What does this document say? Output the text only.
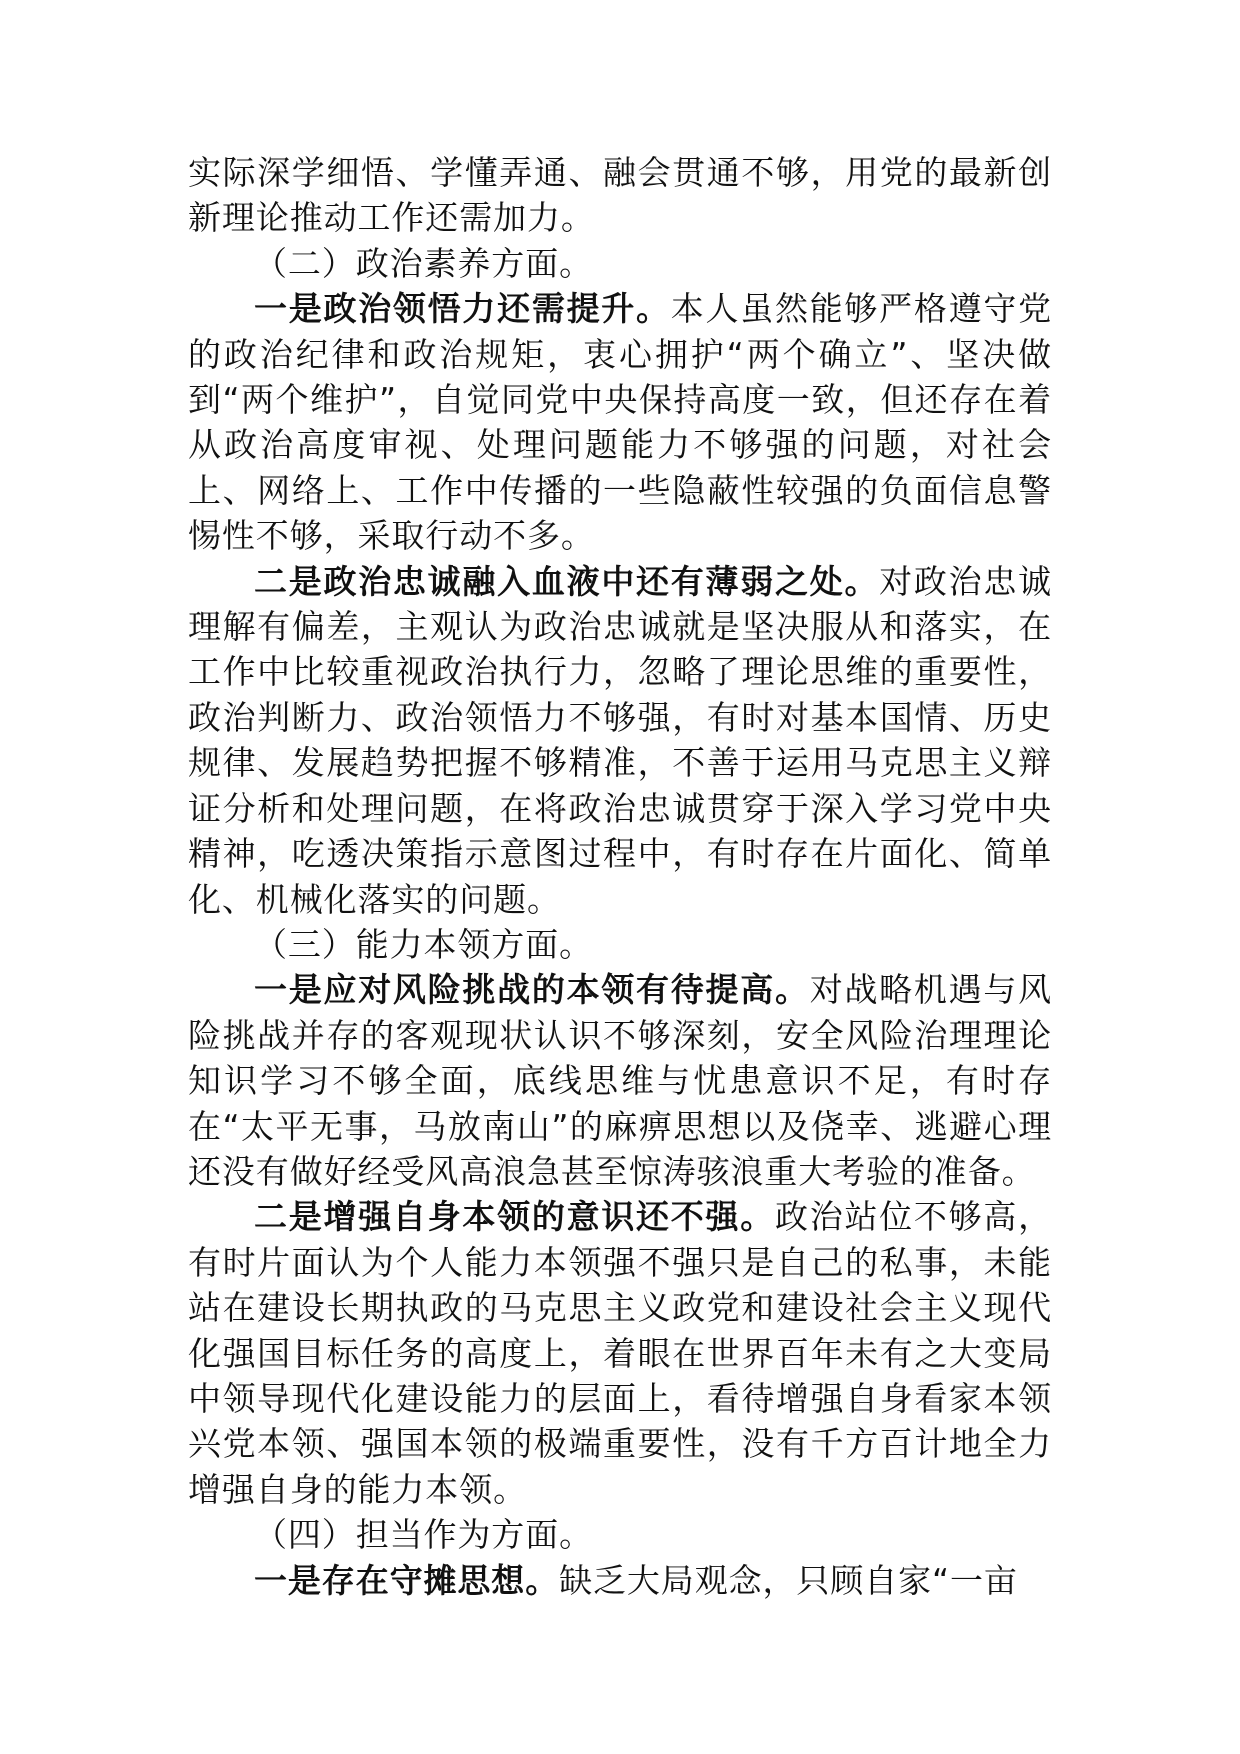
实际深学细悟、学懂弄通、融会贯通不够，用党的最新创新理论推动工作还需加力。

（二）政治素养方面。

一是政治领悟力还需提升。本人虽然能够严格遵守党的政治纪律和政治规矩，衷心拥护“两个确立”、坚决做到“两个维护”，自觉同党中央保持高度一致，但还存在着从政治高度审视、处理问题能力不够强的问题，对社会上、网络上、工作中传播的一些隐蔽性较强的负面信息警惕性不够，采取行动不多。

二是政治忠诚融入血液中还有薄弱之处。对政治忠诚理解有偏差，主观认为政治忠诚就是坚决服从和落实，在工作中比较重视政治执行力，忽略了理论思维的重要性，政治判断力、政治领悟力不够强，有时对基本国情、历史规律、发展趋势把握不够精准，不善于运用马克思主义辩证分析和处理问题，在将政治忠诚贯穿于深入学习党中央精神，吃透决策指示意图过程中，有时存在片面化、简单化、机械化落实的问题。

（三）能力本领方面。

一是应对风险挑战的本领有待提高。对战略机遇与风险挑战并存的客观现状认识不够深刻，安全风险治理理论知识学习不够全面，底线思维与忧患意识不足，有时存在“太平无事，马放南山”的麻痹思想以及侥幸、逃避心理还没有做好经受风高浪急甚至惊涛骇浪重大考验的准备。

二是增强自身本领的意识还不强。政治站位不够高，有时片面认为个人能力本领强不强只是自己的私事，未能站在建设长期执政的马克思主义政党和建设社会主义现代化强国目标任务的高度上，着眼在世界百年未有之大变局中领导现代化建设能力的层面上，看待增强自身看家本领兴党本领、强国本领的极端重要性，没有千方百计地全力增强自身的能力本领。

（四）担当作为方面。

一是存在守摊思想。缺乏大局观念，只顾自家“一亩
